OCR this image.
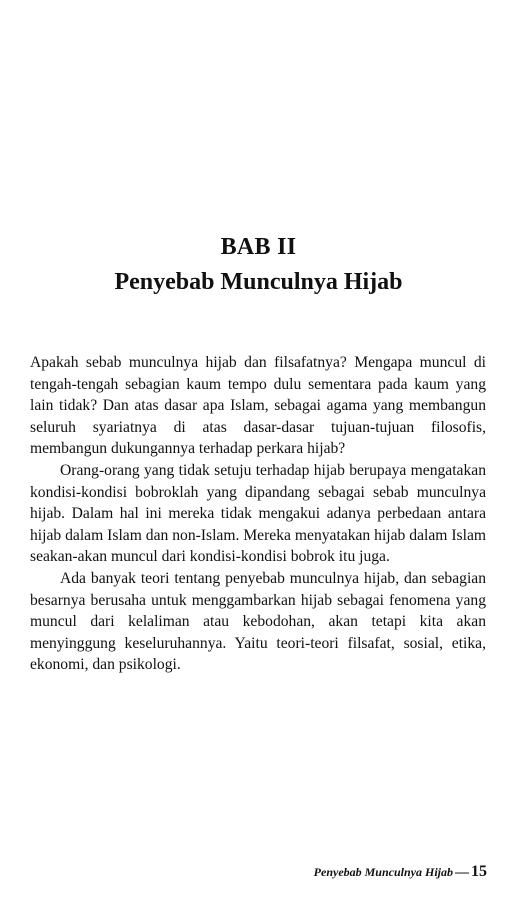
BAB II
Penyebab Munculnya Hijab

Apakah sebab munculnya hijab dan filsafatnya? Mengapa muncul di tengah-tengah sebagian kaum tempo dulu sementara pada kaum yang lain tidak? Dan atas dasar apa Islam, sebagai agama yang membangun seluruh syariatnya di atas dasar-dasar tujuan-tujuan filosofis, membangun dukungannya terhadap perkara hijab?

Orang-orang yang tidak setuju terhadap hijab berupaya mengatakan kondisi-kondisi bobroklah yang dipandang sebagai sebab munculnya hijab. Dalam hal ini mereka tidak mengakui adanya perbedaan antara hijab dalam Islam dan non-Islam. Mereka menyatakan hijab dalam Islam seakan-akan muncul dari kondisi-kondisi bobrok itu juga.

Ada banyak teori tentang penyebab munculnya hijab, dan sebagian besarnya berusaha untuk menggambarkan hijab sebagai fenomena yang muncul dari kelaliman atau kebodohan, akan tetapi kita akan menyinggung keseluruhannya. Yaitu teori-teori filsafat, sosial, etika, ekonomi, dan psikologi.

Penyebab Munculnya Hijab — 15
